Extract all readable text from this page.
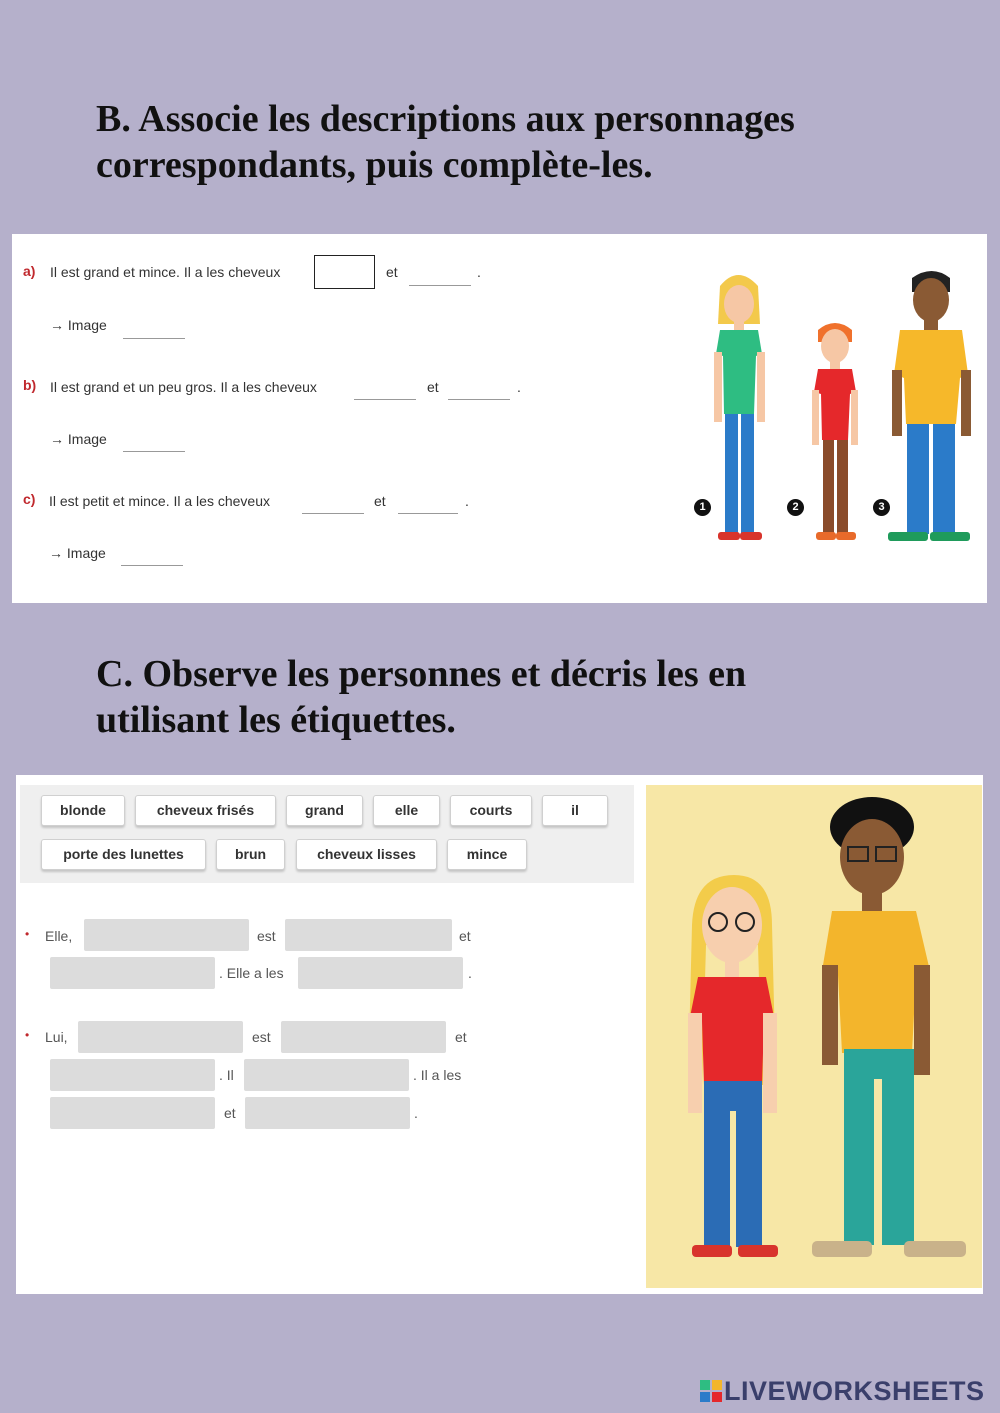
B. Associe les descriptions aux personnages
correspondants, puis complète-les.
a) Il est grand et mince. Il a les cheveux	et	.
→ Image
b) Il est grand et un peu gros. Il a les cheveux	et	.
→ Image
c) Il est petit et mince. Il a les cheveux	et	.
→ Image
1	2	3
C. Observe les personnes et décris les en
utilisant les étiquettes.
blonde	cheveux frisés	grand	elle	courts	il
porte des lunettes	brun	cheveux lisses	mince
• Elle,	est	et
. Elle a les	.
• Lui,	est	et
. Il	. Il a les
et	.
LIVEWORKSHEETS
